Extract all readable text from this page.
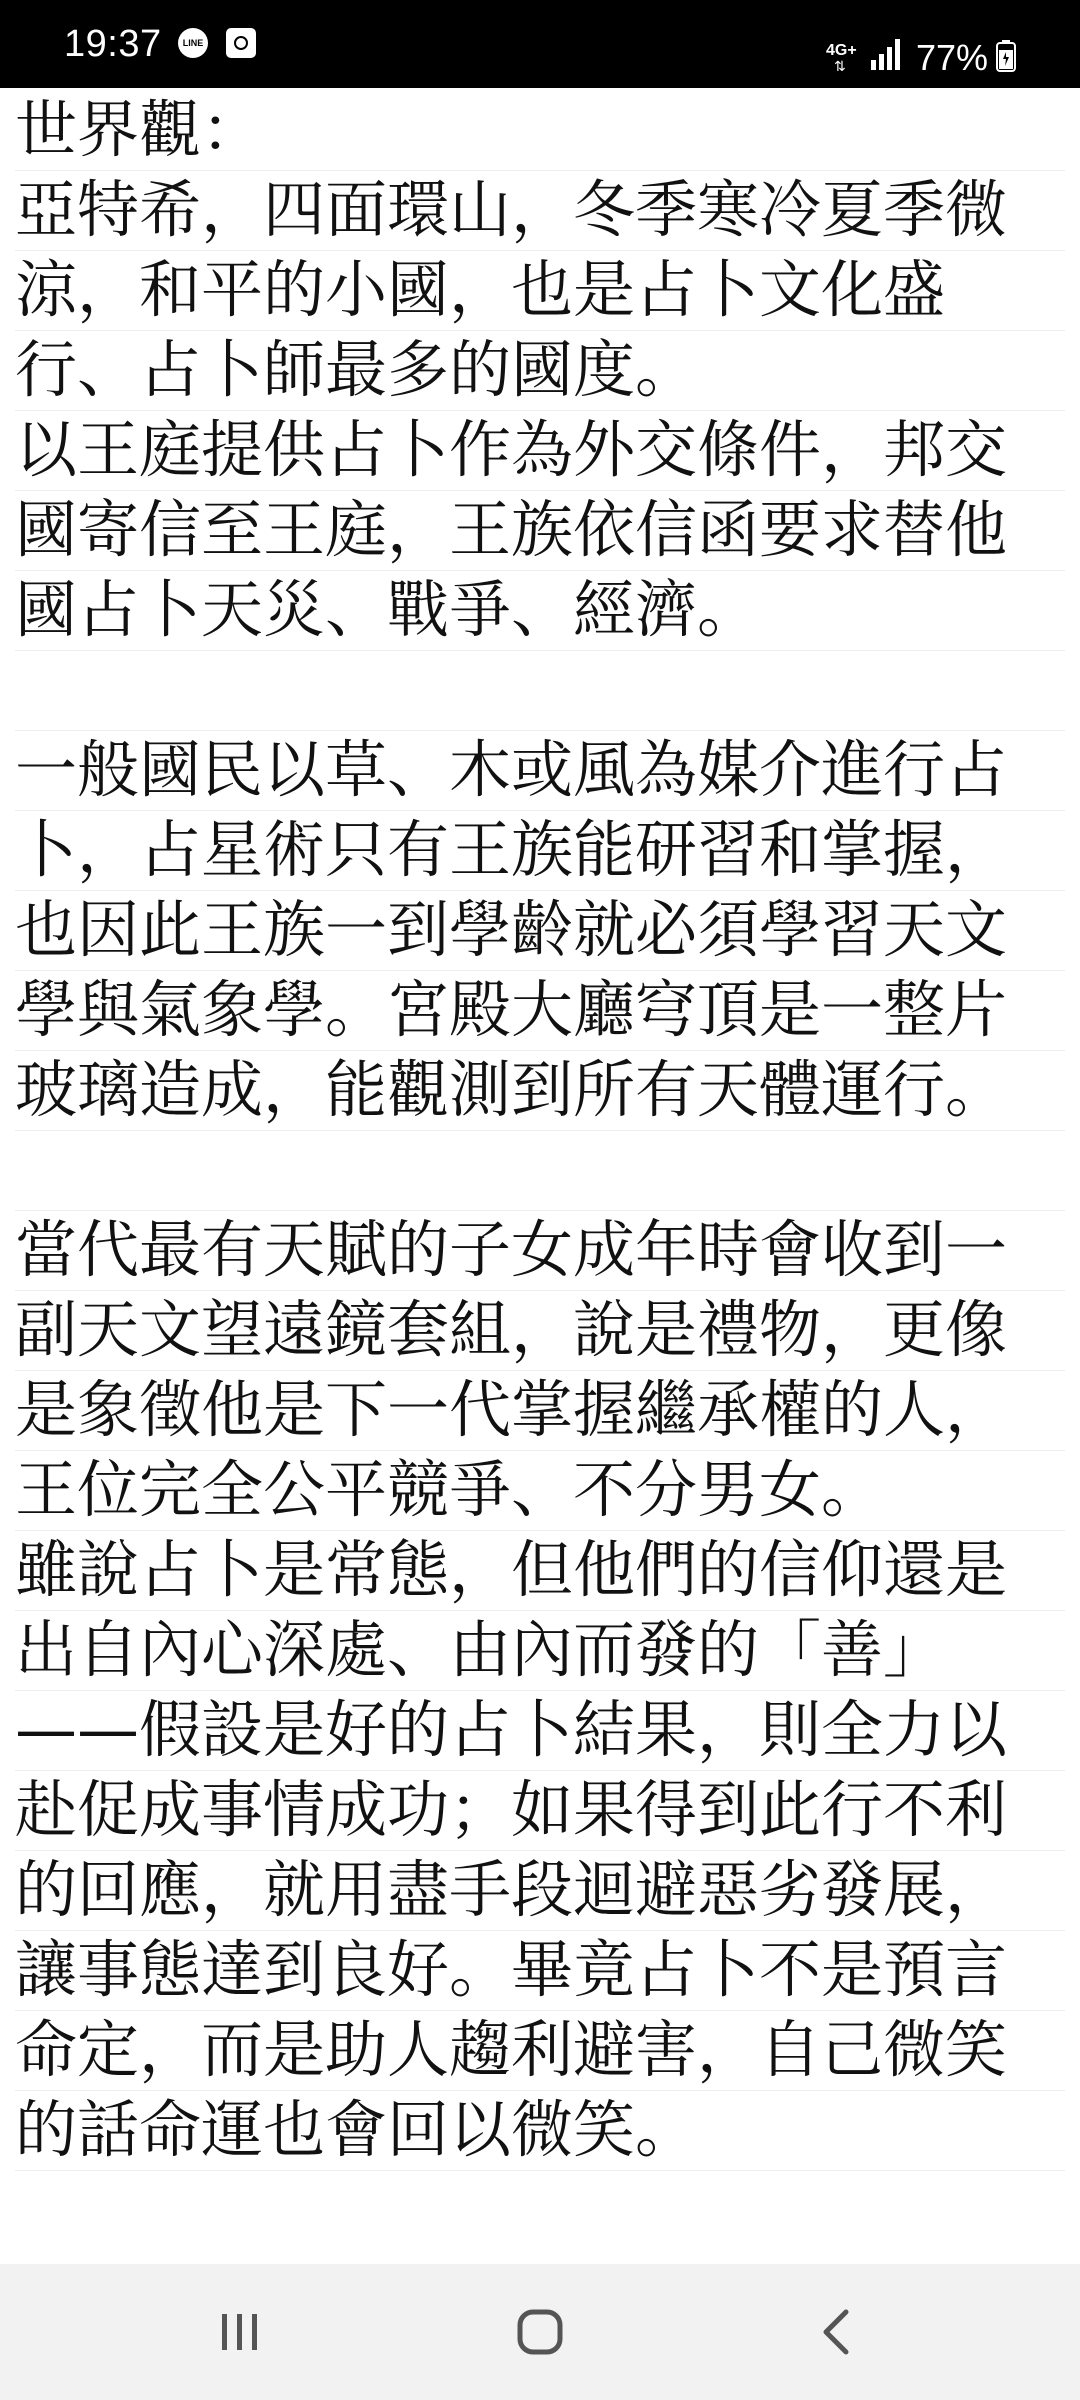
19:37	LINE	4G+
⇅ 77%
世界觀：
亞特希，四面環山，冬季寒冷夏季微
涼，和平的小國，也是占卜文化盛
行、占卜師最多的國度。
以王庭提供占卜作為外交條件，邦交
國寄信至王庭，王族依信函要求替他
國占卜天災、戰爭、經濟。
一般國民以草、木或風為媒介進行占
卜，占星術只有王族能研習和掌握，
也因此王族一到學齡就必須學習天文
學與氣象學。宮殿大廳穹頂是一整片
玻璃造成，能觀測到所有天體運行。
當代最有天賦的子女成年時會收到一
副天文望遠鏡套組，說是禮物，更像
是象徵他是下一代掌握繼承權的人，
王位完全公平競爭、不分男女。
雖說占卜是常態，但他們的信仰還是
出自內心深處、由內而發的「善」
——假設是好的占卜結果，則全力以
赴促成事情成功；如果得到此行不利
的回應，就用盡手段迴避惡劣發展，
讓事態達到良好。畢竟占卜不是預言
命定，而是助人趨利避害，自己微笑
的話命運也會回以微笑。
